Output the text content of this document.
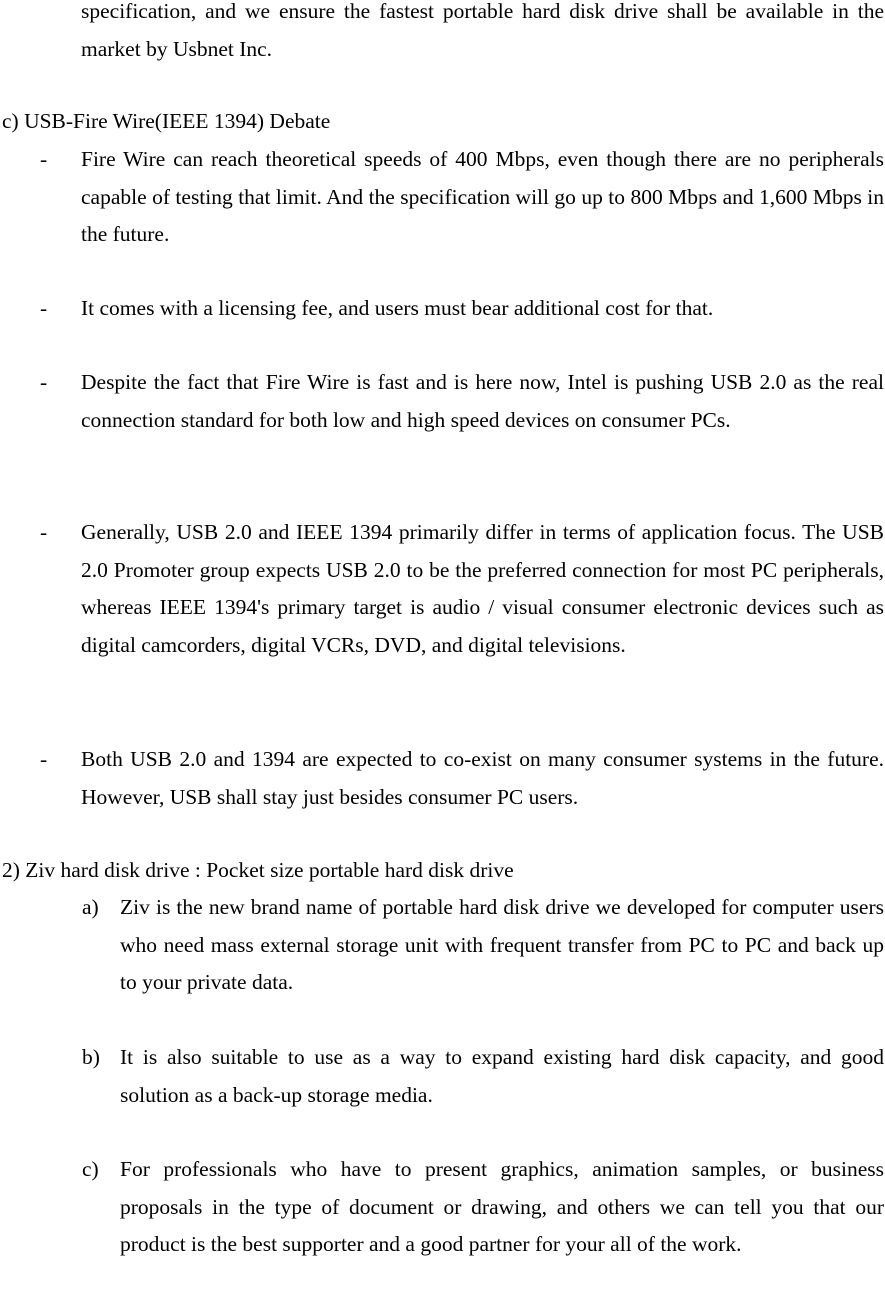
specification, and we ensure the fastest portable hard disk drive shall be available in the market by Usbnet Inc.
c) USB-Fire Wire(IEEE 1394) Debate
-	Fire Wire can reach theoretical speeds of 400 Mbps, even though there are no peripherals capable of testing that limit. And the specification will go up to 800 Mbps and 1,600 Mbps in the future.
-	It comes with a licensing fee, and users must bear additional cost for that.
-	Despite the fact that Fire Wire is fast and is here now, Intel is pushing USB 2.0 as the real connection standard for both low and high speed devices on consumer PCs.
-	Generally, USB 2.0 and IEEE 1394 primarily differ in terms of application focus. The USB 2.0 Promoter group expects USB 2.0 to be the preferred connection for most PC peripherals, whereas IEEE 1394's primary target is audio / visual consumer electronic devices such as digital camcorders, digital VCRs, DVD, and digital televisions.
-	Both USB 2.0 and 1394 are expected to co-exist on many consumer systems in the future. However, USB shall stay just besides consumer PC users.
2) Ziv hard disk drive : Pocket size portable hard disk drive
a) Ziv is the new brand name of portable hard disk drive we developed for computer users who need mass external storage unit with frequent transfer from PC to PC and back up to your private data.
b) It is also suitable to use as a way to expand existing hard disk capacity, and good solution as a back-up storage media.
c) For professionals who have to present graphics, animation samples, or business proposals in the type of document or drawing, and others we can tell you that our product is the best supporter and a good partner for your all of the work.
